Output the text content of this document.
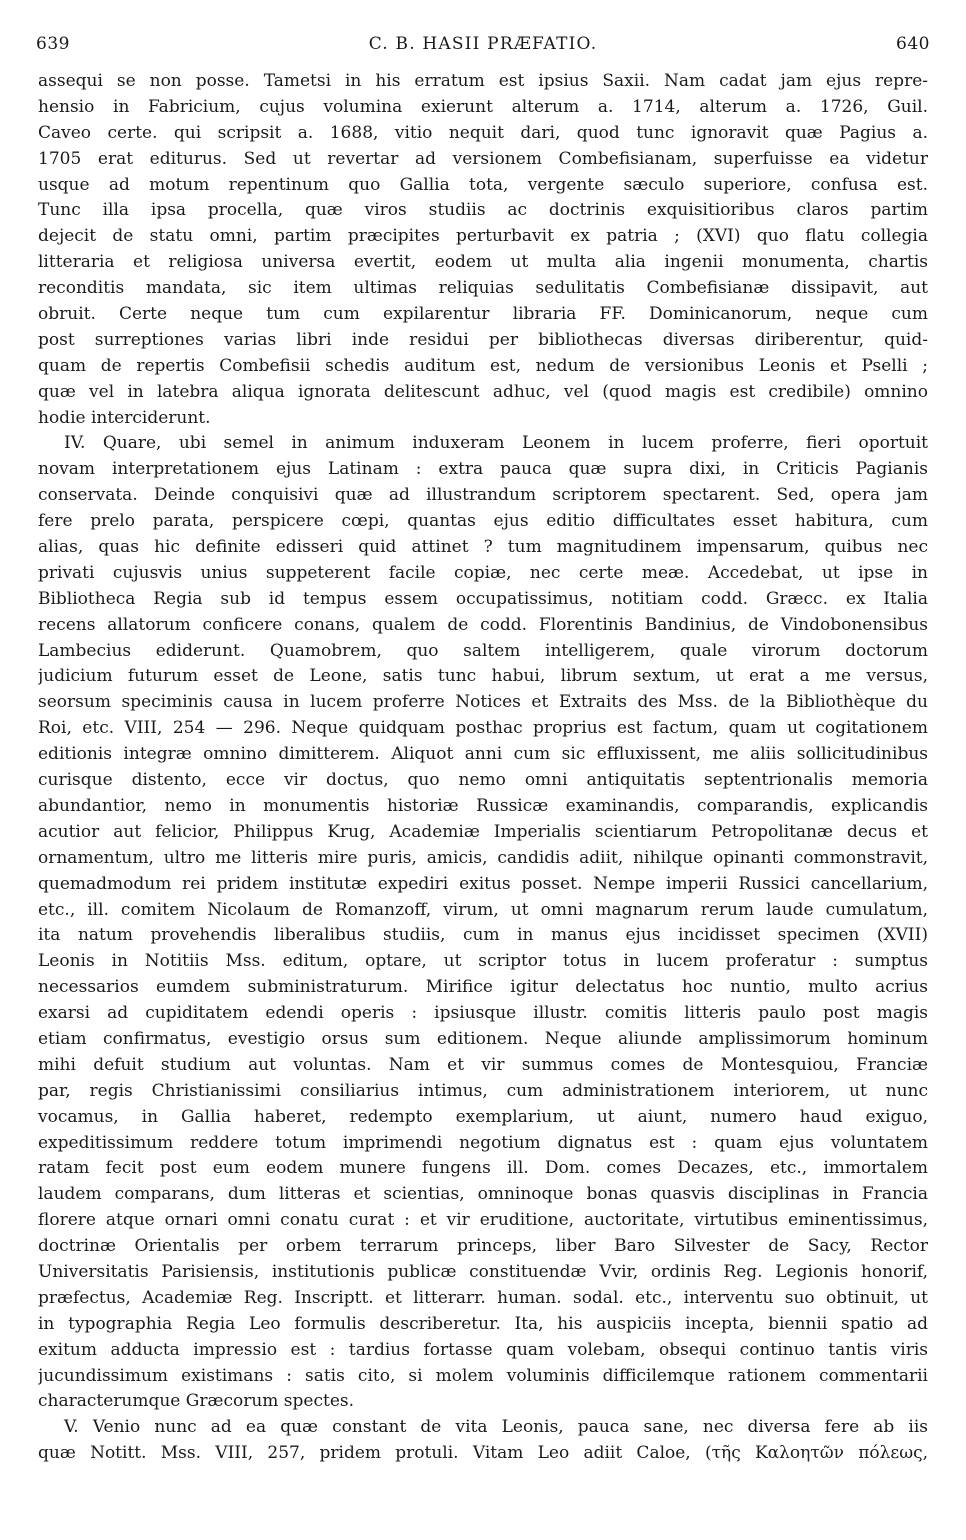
639	C. B. HASII PRÆFATIO.	640
assequi se non posse. Tametsi in his erratum est ipsius Saxii. Nam cadat jam ejus repre-
hensio in Fabricium, cujus volumina exierunt alterum a. 1714, alterum a. 1726, Guil.
Caveo certe. qui scripsit a. 1688, vitio nequit dari, quod tunc ignoravit quæ Pagius a.
1705 erat editurus. Sed ut revertar ad versionem Combefisianam, superfuisse ea videtur
usque ad motum repentinum quo Gallia tota, vergente sæculo superiore, confusa est.
Tunc illa ipsa procella, quæ viros studiis ac doctrinis exquisitioribus claros partim
dejecit de statu omni, partim præcipites perturbavit ex patria ; (XVI) quo flatu collegia
litteraria et religiosa universa evertit, eodem ut multa alia ingenii monumenta, chartis
reconditis mandata, sic item ultimas reliquias sedulitatis Combefisianæ dissipavit, aut
obruit. Certe neque tum cum expilarentur libraria FF. Dominicanorum, neque cum
post surreptiones varias libri inde residui per bibliothecas diversas diriberentur, quid-
quam de repertis Combefisii schedis auditum est, nedum de versionibus Leonis et Pselli ;
quæ vel in latebra aliqua ignorata delitescunt adhuc, vel (quod magis est credibile) omnino
hodie interciderunt.
IV. Quare, ubi semel in animum induxeram Leonem in lucem proferre, fieri oportuit
novam interpretationem ejus Latinam : extra pauca quæ supra dixi, in Criticis Pagianis
conservata. Deinde conquisivi quæ ad illustrandum scriptorem spectarent. Sed, opera jam
fere prelo parata, perspicere cœpi, quantas ejus editio difficultates esset habitura, cum
alias, quas hic definite edisseri quid attinet ? tum magnitudinem impensarum, quibus nec
privati cujusvis unius suppeterent facile copiæ, nec certe meæ. Accedebat, ut ipse in
Bibliotheca Regia sub id tempus essem occupatissimus, notitiam codd. Græcc. ex Italia
recens allatorum conficere conans, qualem de codd. Florentinis Bandinius, de Vindobonensibus
Lambecius ediderunt. Quamobrem, quo saltem intelligerem, quale virorum doctorum
judicium futurum esset de Leone, satis tunc habui, librum sextum, ut erat a me versus,
seorsum speciminis causa in lucem proferre Notices et Extraits des Mss. de la Bibliothèque du
Roi, etc. VIII, 254 — 296. Neque quidquam posthac proprius est factum, quam ut cogitationem
editionis integræ omnino dimitterem. Aliquot anni cum sic effluxissent, me aliis sollicitudinibus
curisque distento, ecce vir doctus, quo nemo omni antiquitatis septentrionalis memoria
abundantior, nemo in monumentis historiæ Russicæ examinandis, comparandis, explicandis
acutior aut felicior, Philippus Krug, Academiæ Imperialis scientiarum Petropolitanæ decus et
ornamentum, ultro me litteris mire puris, amicis, candidis adiit, nihilque opinanti commonstravit,
quemadmodum rei pridem institutæ expediri exitus posset. Nempe imperii Russici cancellarium,
etc., ill. comitem Nicolaum de Romanzoff, virum, ut omni magnarum rerum laude cumulatum,
ita natum provehendis liberalibus studiis, cum in manus ejus incidisset specimen (XVII)
Leonis in Notitiis Mss. editum, optare, ut scriptor totus in lucem proferatur : sumptus
necessarios eumdem subministraturum. Mirifice igitur delectatus hoc nuntio, multo acrius
exarsi ad cupiditatem edendi operis : ipsiusque illustr. comitis litteris paulo post magis
etiam confirmatus, evestigio orsus sum editionem. Neque aliunde amplissimorum hominum
mihi defuit studium aut voluntas. Nam et vir summus comes de Montesquiou, Franciæ
par, regis Christianissimi consiliarius intimus, cum administrationem interiorem, ut nunc
vocamus, in Gallia haberet, redempto exemplarium, ut aiunt, numero haud exiguo,
expeditissimum reddere totum imprimendi negotium dignatus est : quam ejus voluntatem
ratam fecit post eum eodem munere fungens ill. Dom. comes Decazes, etc., immortalem
laudem comparans, dum litteras et scientias, omninoque bonas quasvis disciplinas in Francia
florere atque ornari omni conatu curat : et vir eruditione, auctoritate, virtutibus eminentissimus,
doctrinæ Orientalis per orbem terrarum princeps, liber Baro Silvester de Sacy, Rector
Universitatis Parisiensis, institutionis publicæ constituendæ Vvir, ordinis Reg. Legionis honorif,
præfectus, Academiæ Reg. Inscriptt. et litterarr. human. sodal. etc., interventu suo obtinuit, ut
in typographia Regia Leo formulis describeretur. Ita, his auspiciis incepta, biennii spatio ad
exitum adducta impressio est : tardius fortasse quam volebam, obsequi continuo tantis viris
jucundissimum existimans : satis cito, si molem voluminis difficilemque rationem commentarii
characterumque Græcorum spectes.
V. Venio nunc ad ea quæ constant de vita Leonis, pauca sane, nec diversa fere ab iis
quæ Notitt. Mss. VIII, 257, pridem protuli. Vitam Leo adiit Caloe, (τῆς Καλοητῶν πόλεως,
